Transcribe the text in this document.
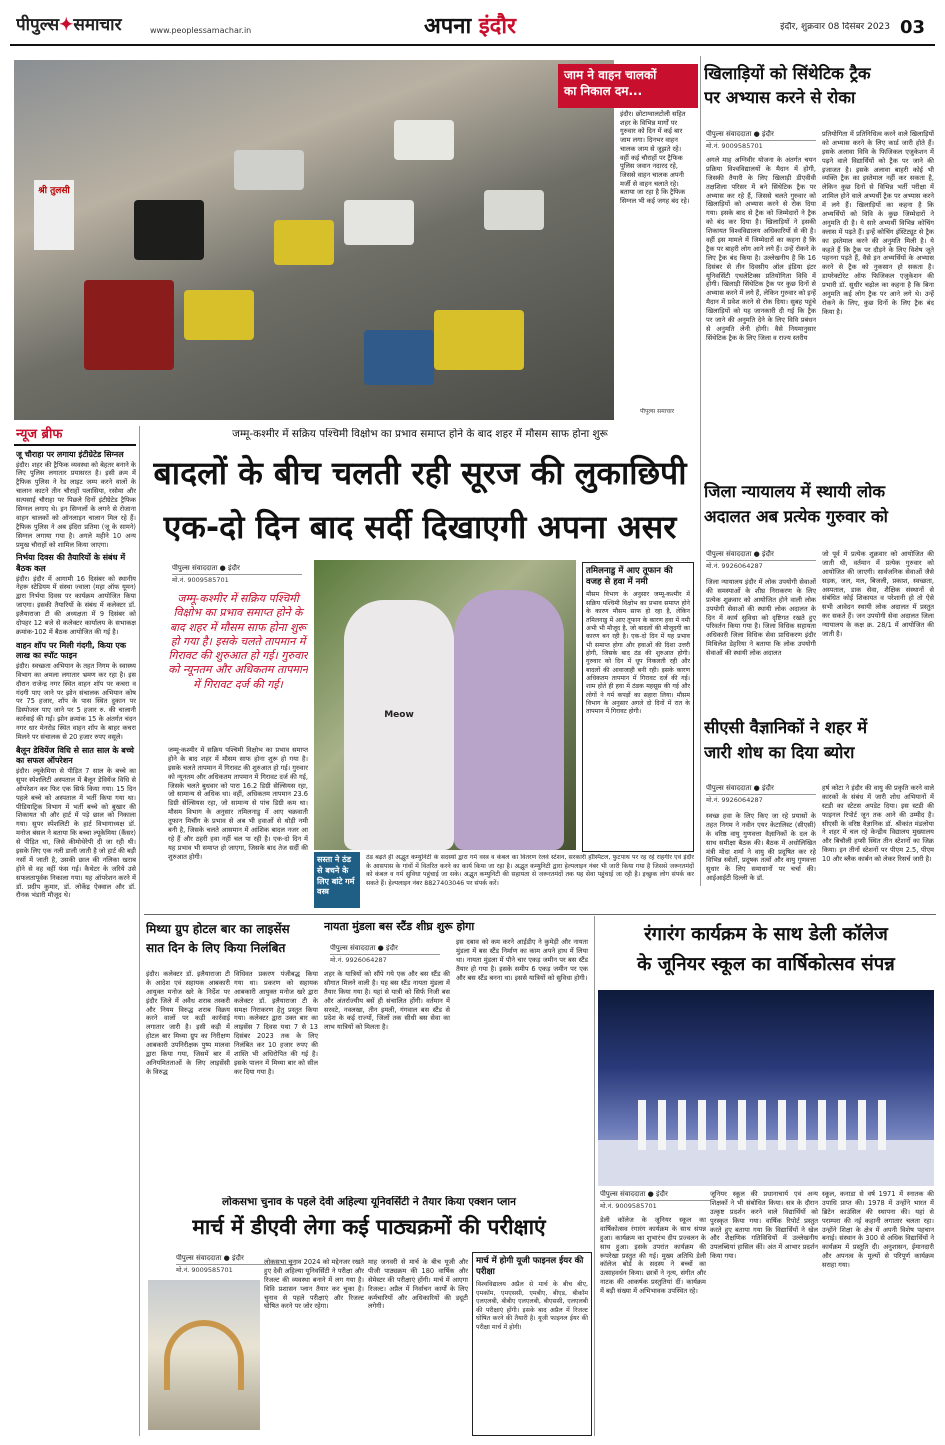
पीपुल्स✦समाचार	www.peoplessamachar.in	अपना इंदौर	इंदौर, शुक्रवार 08 दिसंबर 2023 03
श्री तुलसी
जाम ने वाहन चालकों
का निकाल दम...
इंदौर। छोटाग्वालटोली सहित शहर के विभिन्न मार्गों पर गुरुवार को दिन में कई बार जाम लगा। दिनभर वाहन चालक जाम से जूझते रहे। वहीं कई चौराहों पर ट्रैफिक पुलिस जवान नदारद रहे, जिससे वाहन चालक अपनी मर्जी से वाहन चलाते रहे। बताया जा रहा है कि ट्रैफिक सिग्नल भी कई जगह बंद रहे।
पीपुल्स समाचार
खिलाड़ियों को सिंथेटिक ट्रैक
पर अभ्यास करने से रोका
पीपुल्स संवाददाता ● इंदौर
मो.नं. 9009585701
अगले माह अग्निवीर योजना के अंतर्गत चयन प्रक्रिया विश्वविद्यालयों के मैदान में होगी, जिसकी तैयारी के लिए खिलाड़ी डीएवीवी तक्षशिला परिसर में बने सिंथेटिक ट्रैक पर अभ्यास कर रहे हैं, जिससे चलते गुरुवार को खिलाड़ियों को अभ्यास करने से रोक दिया गया। इसके बाद से ट्रैक को जिम्मेदारों ने ट्रैक को बंद कर दिया है। खिलाड़ियों ने इसकी शिकायत विश्वविद्यालय अधिकारियों से की है। वहीं इस मामले में जिम्मेदारों का कहना है कि ट्रैक पर बाहरी लोग आने लगे हैं। उन्हें रोकने के लिए ट्रैक बंद किया है। उल्लेखनीय है कि 16 दिसंबर से तीन दिवसीय ऑल इंडिया इंटर यूनिवर्सिटी एथलेटिक्स प्रतियोगिता विवि में होगी। खिलाड़ी सिंथेटिक ट्रैक पर कुछ दिनों से अभ्यास करने में लगे हैं, लेकिन गुरुवार को इन्हें मैदान में प्रवेश करने से रोक दिया। सुबह पहुंचे खिलाड़ियों को यह जानकारी दी गई कि ट्रैक पर जाने की अनुमति देने के लिए विवि प्रबंधन से अनुमति लेनी होगी। वैसे नियमानुसार सिंथेटिक ट्रैक के लिए जिला व राज्य स्तरीय
प्रतियोगिता में प्रतिनिधित्व करने वाले खिलाड़ियों को अभ्यास करने के लिए कार्ड जारी होते हैं। इसके अलावा विवि के फिजिकल एजुकेशन में पढ़ने वाले विद्यार्थियों को ट्रैक पर जाने की इजाजत है। इसके अलावा बाहरी कोई भी व्यक्ति ट्रैक का इस्तेमाल नहीं कर सकता है, लेकिन कुछ दिनों से विभिन्न भर्ती परीक्षा में शामिल होने वाले अभ्यर्थी ट्रैक पर अभ्यास करने में लगे हैं। खिलाड़ियों का कहना है कि अभ्यर्थियों को विवि के कुछ जिम्मेदारों ने अनुमति दी है। ये सारे अभ्यर्थी विभिन्न कोचिंग क्लास में पढ़ते हैं। इन्हें कोचिंग इंस्टिट्यूट से ट्रैक का इस्तेमाल करने की अनुमति मिली है। ये कहते हैं कि ट्रैक पर दौड़ने के लिए विशेष जूते पहनना पड़ते हैं, वैसे इन अभ्यर्थियों के अभ्यास करने से ट्रैक को नुकसान हो सकता है। डायरेक्टोरेट ऑफ फिजिकल एजुकेशन की प्रभारी डॉ. सुधीर चढ़ोल का कहना है कि बिना अनुमति कई लोग ट्रैक पर आने लगे थे। उन्हें रोकने के लिए, कुछ दिनों के लिए ट्रैक बंद किया है।
न्यूज ब्रीफ
जू चौराहा पर लगाया इंटीग्रेटेड सिग्नल
इंदौर। शहर की ट्रैफिक व्यवस्था को बेहतर बनाने के लिए पुलिस लगातार प्रयासरत है। इसी क्रम में ट्रैफिक पुलिस ने रेड लाइट जम्प करने वालों के चालान काटने तीन चौराहों पलासिया, रसोमा और सत्यसाई चौराहा पर पिछले दिनों इंटीग्रेटेड ट्रैफिक सिग्नल लगाए थे। इन सिग्नलों के लगने से रोजाना वाहन चालकों को ऑनलाइन चालान मिल रहे हैं। ट्रैफिक पुलिस ने अब इंदिरा प्रतिमा (जू के सामने) सिग्नल लगाया गया है। अगले महीने 10 अन्य प्रमुख चौराहों को शामिल किया जाएगा।
निर्भया दिवस की तैयारियों के संबंध में बैठक कल
इंदौर। इंदौर में आगामी 16 दिसंबर को स्थानीय नेहरू स्टेडियम में संस्था ज्वाला (महा ऑफ यूमन) द्वारा निर्भया दिवस पर कार्यक्रम आयोजित किया जाएगा। इसकी तैयारियों के संबंध में कलेक्टर डॉ. इलैयाराजा टी की अध्यक्षता में 9 दिसंबर को दोपहर 12 बजे से कलेक्टर कार्यालय के सभाकक्ष क्रमांक-102 में बैठक आयोजित की गई है।
वाहन शॉप पर मिली गंदगी, किया एक लाख का स्पॉट फाइन
इंदौर। स्वच्छता अभियान के तहत निगम के स्वास्थ्य विभाग का अमला लगातार भ्रमण कर रहा है। इस दौरान राजेन्द्र नगर स्थित वाहन शॉप पर कचरा व गंदगी पाए जाने पर झोन संचालक अभियान कोष पर 75 हजार, शॉप के पास स्थित दुकान पर डिस्पोजल पाए जाने पर 5 हजार रु. की चालानी कार्रवाई की गई। झोन क्रमांक 15 के अंतर्गत चंदन नगर धार मेनरोड स्थित वाहन शॉप के बाहर कचरा मिलने पर संचालक से 20 हजार रुपए वसूले।
बैलून डेवियेंज विधि से सात साल के बच्चे का सफल ऑपरेशन
इंदौर। ल्यूकेमिया से पीड़ित 7 साल के बच्चे का सुपर स्पेशलिटी अस्पताल में बैलून डेवियेंज विधि से ऑपरेशन कर फिर एक सिर्फ किया गया। 15 दिन पहले बच्चे को अस्पताल में भर्ती किया गया था। पीडियाट्रिक विभाग में भर्ती बच्चे को बुखार की शिकायत थी और हार्ट में पड़े छाल को निकाला गया। सुपर स्पेशलिटी के हार्ट विभागाध्यक्ष डॉ. मनोज बंसल ने बताया कि बच्चा ल्यूकेमिया (कैंसर) से पीड़ित था, जिसे कीमोथेरेपी दी जा रही थी। इसके लिए एक नली डाली जाती है जो हार्ट की बड़ी नसों में जाती है, उसकी छाल की नलिका खराब होने से वह वहीं फंस गई। कैथेटर के जरिये उसे सफलतापूर्वक निकाला गया। यह ऑपरेशन करने में डॉ. प्रदीप कुमार, डॉ. लोकेंद्र ऐक्वाल और डॉ. रौनक भंडारी मौजूद थे।
जम्मू-कश्मीर में सक्रिय पश्चिमी विक्षोभ का प्रभाव समाप्त होने के बाद शहर में मौसम साफ होना शुरू
बादलों के बीच चलती रही सूरज की लुकाछिपी
एक-दो दिन बाद सर्दी दिखाएगी अपना असर
पीपुल्स संवाददाता ● इंदौर
मो.नं. 9009585701
जम्मू-कश्मीर में सक्रिय पश्चिमी विक्षोभ का प्रभाव समाप्त होने के बाद शहर में मौसम साफ होना शुरू हो गया है। इसके चलते तापमान में गिरावट की शुरुआत हो गई। गुरुवार को न्यूनतम और अधिकतम तापमान में गिरावट दर्ज की गई।
जम्मू-कश्मीर में सक्रिय पश्चिमी विक्षोभ का प्रभाव समाप्त होने के बाद शहर में मौसम साफ होना शुरू हो गया है। इसके चलते तापमान में गिरावट की शुरुआत हो गई। गुरुवार को न्यूनतम और अधिकतम तापमान में गिरावट दर्ज की गई, जिसके चलते बुधवार को पारा 16.2 डिग्री सेल्सियस रहा, जो सामान्य से अधिक था। वहीं, अधिकतम तापमान 23.6 डिग्री सेल्सियस रहा, जो सामान्य से पांच डिग्री कम था। मौसम विभाग के अनुसार तमिलनाडु में आए चक्रवाती तूफान मिचौंग के प्रभाव से अब भी हवाओं से थोड़ी नमी बनी है, जिसके चलते आसमान में आंशिक बादल नजर आ रहे हैं और ठहरी हवा नहीं चल पा रही है। एक-दो दिन में यह प्रभाव भी समाप्त हो जाएगा, जिसके बाद तेज सर्दी की शुरुआत होगी।
Meow
तमिलनाडु में आए तूफान की वजह से हवा में नमी
मौसम विभाग के अनुसार जम्मू-कश्मीर में सक्रिय पश्चिमी विक्षोभ का प्रभाव समाप्त होने के कारण मौसम साफ हो रहा है, लेकिन तमिलनाडु में आए तूफान के कारण हवा में नमी अभी भी मौजूद है, जो बादलों की मौजूदगी का कारण बन रही है। एक-दो दिन में यह प्रभाव भी समाप्त होगा और हवाओं की दिशा उत्तरी होगी, जिसके बाद ठंड की शुरुआत होगी। गुरुवार को दिन में धूप निकलती रही और बादलों की आवाजाही बनी रही। इसके कारण अधिकतम तापमान में गिरावट दर्ज की गई। शाम होते ही हवा में ठंडक महसूस की गई और लोगों ने गर्म कपड़ों का सहारा लिया। मौसम विभाग के अनुसार अगले दो दिनों में रात के तापमान में गिरावट होगी।
सस्ता ने ठंड से बचने के लिए बांटे गर्म वस्त्र
ठंड बढ़ते ही अद्भुत कम्युनिटी के सदस्यों द्वारा गर्म वस्त्र व कंबल का वितरण रेलवे स्टेशन, सरकारी हॉस्पिटल, फुटपाथ पर रह रहे राहगीर एवं इंदौर के आसपास के गांवों में वितरित करने का कार्य किया जा रहा है। अद्भुत कम्युनिटी द्वारा हेल्पलाइन नंबर भी जारी किया गया है जिससे जरूरतमंदों को कंबल व गर्म सुविधा पहुंचाई जा सके। अद्भुत कम्युनिटी की सहायता से जरूरतमंदों तक यह सेवा पहुंचाई जा रही है। इच्छुक लोग संपर्क कर सकते हैं। हेल्पलाइन नंबर 8827403046 पर संपर्क करें।
जिला न्यायालय में स्थायी लोक
अदालत अब प्रत्येक गुरुवार को
पीपुल्स संवाददाता ● इंदौर
मो.नं. 9926064287
जिला न्यायालय इंदौर में लोक उपयोगी सेवाओं की समस्याओं के शीघ्र निराकरण के लिए प्रत्येक शुक्रवार को आयोजित होने वाली लोक उपयोगी सेवाओं की स्थायी लोक अदालत के दिन में कार्य सुविधा को दृष्टिगत रखते हुए परिवर्तन किया गया है। जिला विधिक सहायता अधिकारी जिला विधिक सेवा प्राधिकरण इंदौर मिथिलेश डेहरिया ने बताया कि लोक उपयोगी सेवाओं की स्थायी लोक अदालत
जो पूर्व में प्रत्येक शुक्रवार को आयोजित की जाती थी, वर्तमान में प्रत्येक गुरुवार को आयोजित की जाएगी। सार्वजनिक सेवाओं जैसे सड़क, जल, मल, बिजली, प्रकाश, स्वच्छता, अस्पताल, डाक सेवा, शैक्षिक संस्थानों से संबंधित कोई शिकायत व परेशानी हो तो ऐसे सभी आवेदन स्थायी लोक अदालत में प्रस्तुत कर सकते हैं। जन उपयोगी सेवा अदालत जिला न्यायालय के कक्ष क्र. 28/1 में आयोजित की जाती है।
सीएसी वैज्ञानिकों ने शहर में
जारी शोध का दिया ब्योरा
पीपुल्स संवाददाता ● इंदौर
मो.नं. 9926064287
स्वच्छ हवा के लिए किए जा रहे प्रयासों के तहत निगम ने नवीन एयर केटालिस्ट (सीएसी) के वरिष्ठ वायु गुणवत्ता वैज्ञानिकों के दल के साथ समीक्षा बैठक की। बैठक में अधोलिखित मंत्री मोदा शर्मा ने वायु की प्रदूषित कर रहे विभिन्न स्त्रोतों, प्रदूषक तत्वों और वायु गुणवत्ता सुधार के लिए समाधानों पर चर्चा की। आईआईटी दिल्ली के डॉ.
हर्ष कोटा ने इंदौर की वायु की प्रकृति करने वाले कारकों के संबंध में जारी शोध अभियानों में स्टडी का स्टेटस अपडेट दिया। इस स्टडी की फाइनल रिपोर्ट जून तक आने की उम्मीद है। सीएसी के वरिष्ठ वैज्ञानिक डॉ. श्रीकांत मंडलोया ने शहर में चल रहे केन्द्रीय विद्यालय मुख्यालय और बिचौली हप्सी स्थित तीन स्टेशनों का जिक्र किया। इन तीनों स्टेशनों पर पीएम 2.5, पीएम 10 और ब्लैक कार्बन को लेकर रिसर्च जारी है।
मिथ्या ग्रुप होटल बार का लाइसेंस
सात दिन के लिए किया निलंबित
इंदौर। कलेक्टर डॉ. इलैयाराजा टी के आदेश एवं सहायक आबकारी आयुक्त मनोज खरे के निर्देश पर इंदौर जिले में अवैध शराब तस्करी और नियम विरुद्ध शराब विक्रय करने वालों पर कड़ी कार्रवाई लगातार जारी है। इसी कड़ी में होटल बार मिथ्या ग्रुप का निरीक्षण आबकारी उपनिरीक्षक पुष्प मालवा द्वारा किया गया, जिसमें बार में अनियमितताओं के लिए लाइसेंसी के विरुद्ध
विधिवत प्रकरण पंजीबद्ध किया गया था। प्रकरण को सहायक आबकारी आयुक्त मनोज खरे द्वारा कलेक्टर डॉ. इलैयाराजा टी के समक्ष निराकरण हेतु प्रस्तुत किया गया। कलेक्टर द्वारा उक्त बार का लाइसेंस 7 दिवस यथा 7 से 13 दिसंबर 2023 तक के लिए निलंबित कर 10 हजार रुपए की शास्ति भी अधिरोपित की गई है। इसके पालन में मिथ्या बार को सील कर दिया गया है।
नायता मुंडला बस स्टैंड शीघ्र शुरू होगा
पीपुल्स संवाददाता ● इंदौर
मो.नं. 9926064287
शहर के यात्रियों को सौंपे गये एक और बस स्टैंड की सौगात मिलने वाली है। यह बस स्टैंड नायता मुंडला में तैयार किया गया है। यहां से यात्री को सिर्फ निजी बस और अंतर्राज्यीय बसें ही संचालित होंगी। वर्तमान में सरवटे, नवलखा, तीन इमली, गंगवाल बस स्टैंड से प्रदेश के कई राज्यों, जिलों तक सीधी बस सेवा का लाभ यात्रियों को मिलता है।
इस दबाव को कम करने आईडीए ने कुमेड़ी और नायता मुंडला में बस स्टैंड निर्माण का काम अपने हाथ में लिया था। नायता मुंडला में पौने चार एकड़ जमीन पर बस स्टैंड तैयार हो गया है। इसके समीप 6 एकड़ जमीन पर एक और बस स्टैंड बनना था। इससे यात्रियों को सुविधा होगी।
रंगारंग कार्यक्रम के साथ डेली कॉलेज
के जूनियर स्कूल का वार्षिकोत्सव संपन्न
पीपुल्स संवाददाता ● इंदौर
मो.नं. 9009585701
डेली कॉलेज के जूनियर स्कूल का वार्षिकोत्सव रंगारंग कार्यक्रम के साथ संपन्न हुआ। कार्यक्रम का शुभारंभ दीप प्रज्वलन के साथ हुआ। इसके उपरांत कार्यक्रम की रूपरेखा प्रस्तुत की गई। मुख्य अतिथि डेली कॉलेज बोर्ड के सदस्य ने बच्चों का उत्साहवर्धन किया। छात्रों ने नृत्य, संगीत और नाटक की आकर्षक प्रस्तुतियां दीं। कार्यक्रम में बड़ी संख्या में अभिभावक उपस्थित रहे।
जूनियर स्कूल की प्रधानाचार्य एवं अन्य शिक्षकों ने भी संबोधित किया। सत्र के दौरान उत्कृष्ट प्रदर्शन करने वाले विद्यार्थियों को पुरस्कृत किया गया। वार्षिक रिपोर्ट प्रस्तुत करते हुए बताया गया कि विद्यार्थियों ने खेल और शैक्षणिक गतिविधियों में उल्लेखनीय उपलब्धियां हासिल कीं। अंत में आभार प्रदर्शन किया गया।
स्कूल, कनाडा से वर्ष 1971 में स्नातक की उपाधि प्राप्त की। 1978 में उन्होंने भारत में ब्रिटेन काउंसिल की स्थापना की। यहां से पराम्परा की नई कहानी लगातार चलता रहा। उन्होंने शिक्षा के क्षेत्र में अपनी विशेष पहचान बनाई। संस्थान के 300 से अधिक विद्यार्थियों ने कार्यक्रम में प्रस्तुति दी। अनुशासन, ईमानदारी और अपनत्व के मूल्यों से परिपूर्ण कार्यक्रम सराहा गया।
लोकसभा चुनाव के पहले देवी अहिल्या यूनिवर्सिटी ने तैयार किया एक्शन प्लान
मार्च में डीएवी लेगा कई पाठ्यक्रमों की परीक्षाएं
पीपुल्स संवाददाता ● इंदौर
मो.नं. 9009585701
लोकसभा चुनाव 2024 को मद्देनजर रखते हुए देवी अहिल्या यूनिवर्सिटी ने परीक्षा और रिजल्ट की व्यवस्था बनाने में लग गया है। विवि प्रशासन प्लान तैयार कर चुका है। चुनाव से पहले परीक्षाएं और रिजल्ट घोषित करने पर जोर रहेगा।
माह जनवरी से मार्च के बीच यूजी और पीजी पाठ्यक्रम की 180 वार्षिक और सेमेस्टर की परीक्षाएं होंगी। मार्च में आएगा रिजल्ट। अप्रैल में निर्वाचन कार्यों के लिए कर्मचारियों और अधिकारियों की ड्यूटी लगेगी।
मार्च में होगी यूजी फाइनल ईयर की परीक्षा
विश्वविद्यालय अप्रैल से मार्च के बीच बीए, एमकॉम, एमएससी, एमबीए, बीएड, बीकॉम एलएलबी, बीबीए एलएलबी, बीएससी, एलएलबी की परीक्षाएं होंगी। इसके बाद अप्रैल में रिजल्ट घोषित करने की तैयारी है। यूजी फाइनल ईयर की परीक्षा मार्च में होगी।
